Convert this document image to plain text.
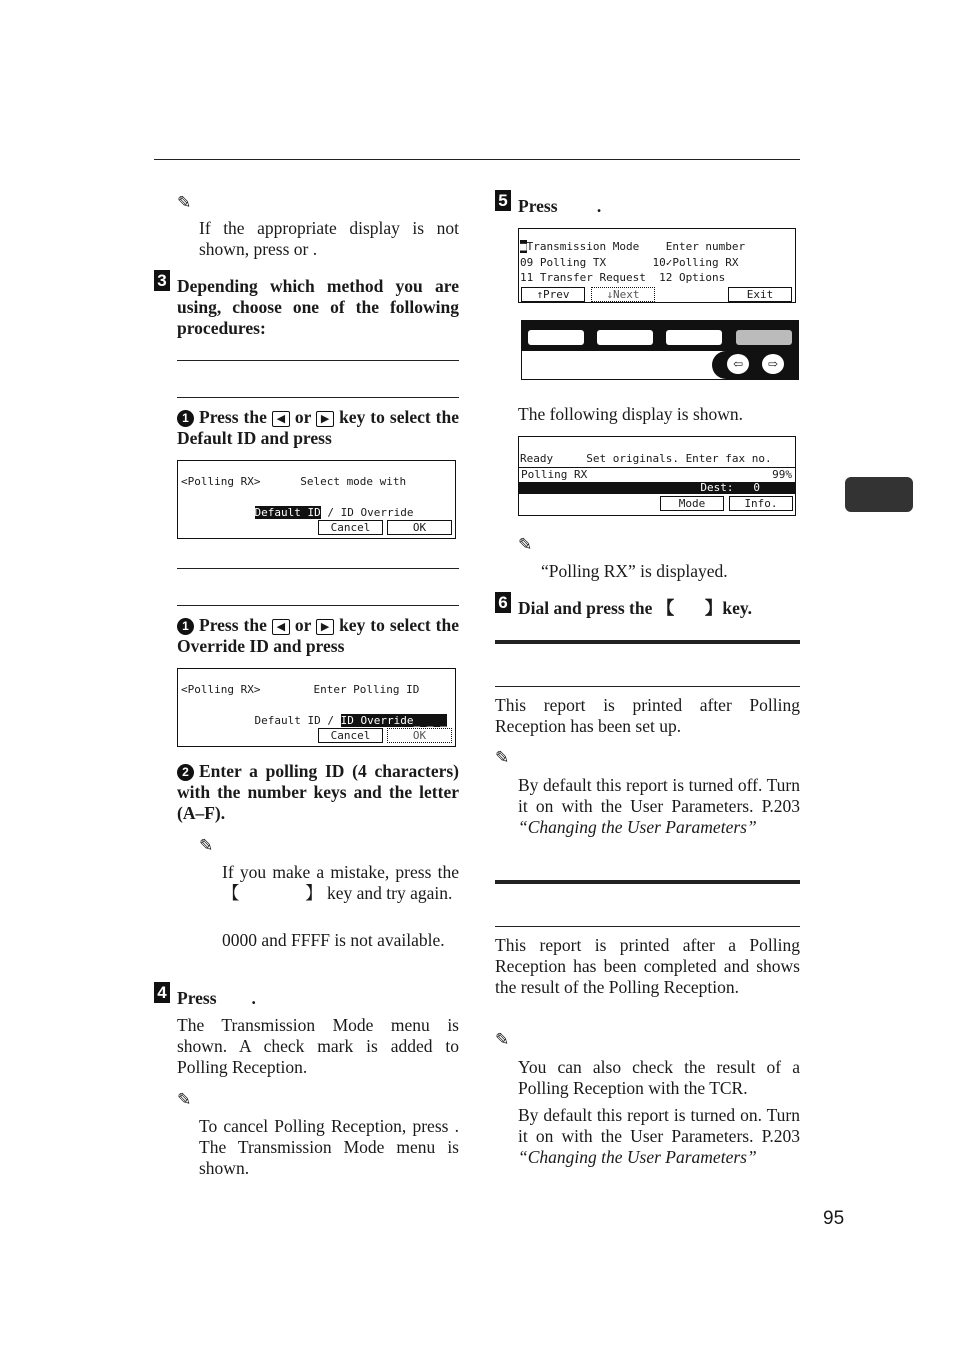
✎
If the appropriate display is not shown, press or .
3 Depending which method you are using, choose one of the following procedures:
1 Press the ◀ or ▶ key to select the Default ID and press

<Polling RX>      Select mode with

Default ID / ID Override

Cancel

	OK

1 Press the ◀ or ▶ key to select the Override ID and press

<Polling RX>        Enter Polling ID

Default ID / ID Override_ _ _

Cancel

	OK

2 Enter a polling ID (4 characters) with the number keys and the letter (A–F).
✎
If you make a mistake, press the 【               】 key and try again.
0000 and FFFF is not available.
4 Press        .
The Transmission Mode menu is shown. A check mark is added to Polling Reception.
✎
To cancel Polling Reception, press . The Transmission Mode menu is shown.
5 Press         .

■Transmission Mode    Enter number

09 Polling TX       10✓Polling RX

11 Transfer Request  12 Options

↑Prev

	↓Next

	Exit

⇦	⇨
The following display is shown.

Ready     Set originals. Enter fax no.

Polling RX

	99%

Dest:   0

Mode

	Info.

✎
“Polling RX” is displayed.
6 Dial and press the 【       】key.
This report is printed after Polling Reception has been set up.
✎
By default this report is turned off. Turn it on with the User Parameters. P.203 “Changing the User Parameters”
This report is printed after a Polling Reception has been completed and shows the result of the Polling Reception.
✎
You can also check the result of a Polling Reception with the TCR.
By default this report is turned on. Turn it on with the User Parameters. P.203 “Changing the User Parameters”
95
